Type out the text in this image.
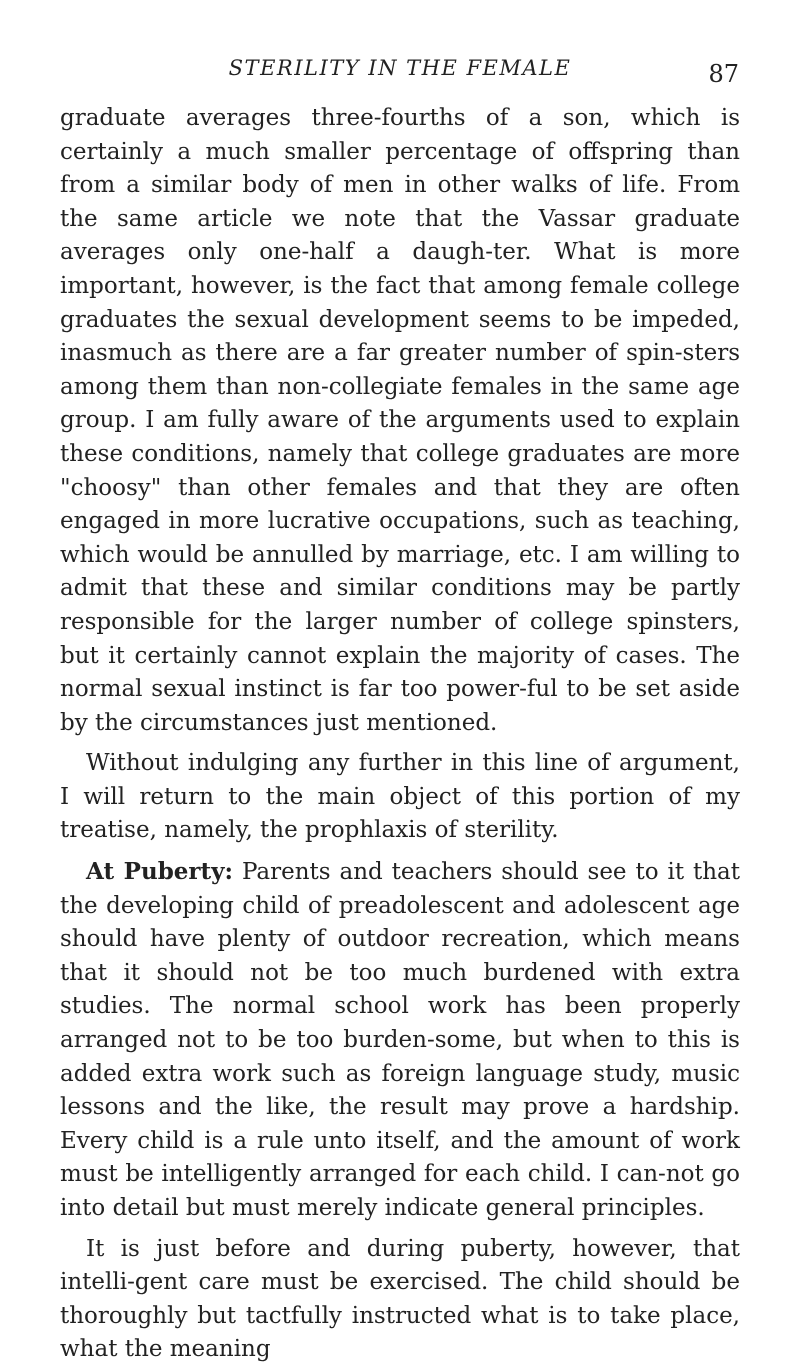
STERILITY IN THE FEMALE	87

graduate averages three-fourths of a son, which is certainly a much smaller percentage of offspring than from a similar body of men in other walks of life. From the same article we note that the Vassar graduate averages only one-half a daugh-ter. What is more important, however, is the fact that among female college graduates the sexual development seems to be impeded, inasmuch as there are a far greater number of spin-sters among them than non-collegiate females in the same age group. I am fully aware of the arguments used to explain these conditions, namely that college graduates are more "choosy" than other females and that they are often engaged in more lucrative occupations, such as teaching, which would be annulled by marriage, etc. I am willing to admit that these and similar conditions may be partly responsible for the larger number of college spinsters, but it certainly cannot explain the majority of cases. The normal sexual instinct is far too power-ful to be set aside by the circumstances just mentioned.

Without indulging any further in this line of argument, I will return to the main object of this portion of my treatise, namely, the prophlaxis of sterility.

At Puberty: Parents and teachers should see to it that the developing child of preadolescent and adolescent age should have plenty of outdoor recreation, which means that it should not be too much burdened with extra studies. The normal school work has been properly arranged not to be too burden-some, but when to this is added extra work such as foreign language study, music lessons and the like, the result may prove a hardship. Every child is a rule unto itself, and the amount of work must be intelligently arranged for each child. I can-not go into detail but must merely indicate general principles.

It is just before and during puberty, however, that intelli-gent care must be exercised. The child should be thoroughly but tactfully instructed what is to take place, what the meaning
